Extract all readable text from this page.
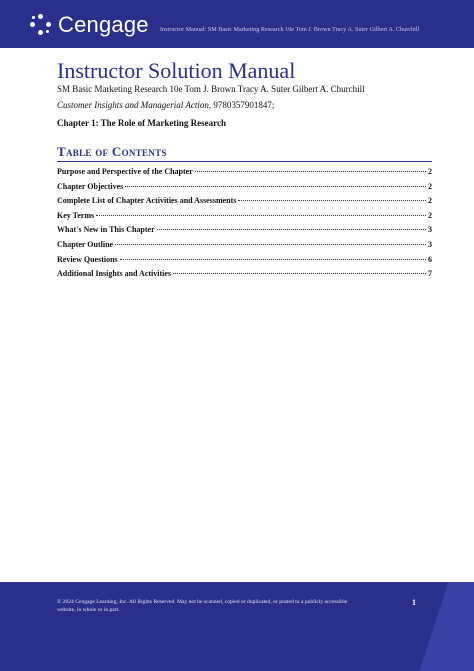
Cengage Instructor Manual: SM Basic Marketing Research 10e Tom J. Brown Tracy A. Suter Gilbert A. Churchill
Instructor Solution Manual
SM Basic Marketing Research 10e Tom J. Brown Tracy A. Suter Gilbert A. Churchill
Customer Insights and Managerial Action, 9780357901847;
Chapter 1: The Role of Marketing Research
Table of Contents
Purpose and Perspective of the Chapter	2
Chapter Objectives	2
Complete List of Chapter Activities and Assessments	2
Key Terms	2
What's New in This Chapter	3
Chapter Outline	3
Review Questions	6
Additional Insights and Activities	7
© 2024 Cengage Learning, Inc. All Rights Reserved. May not be scanned, copied or duplicated, or posted to a publicly accessible website, in whole or in part.
1
